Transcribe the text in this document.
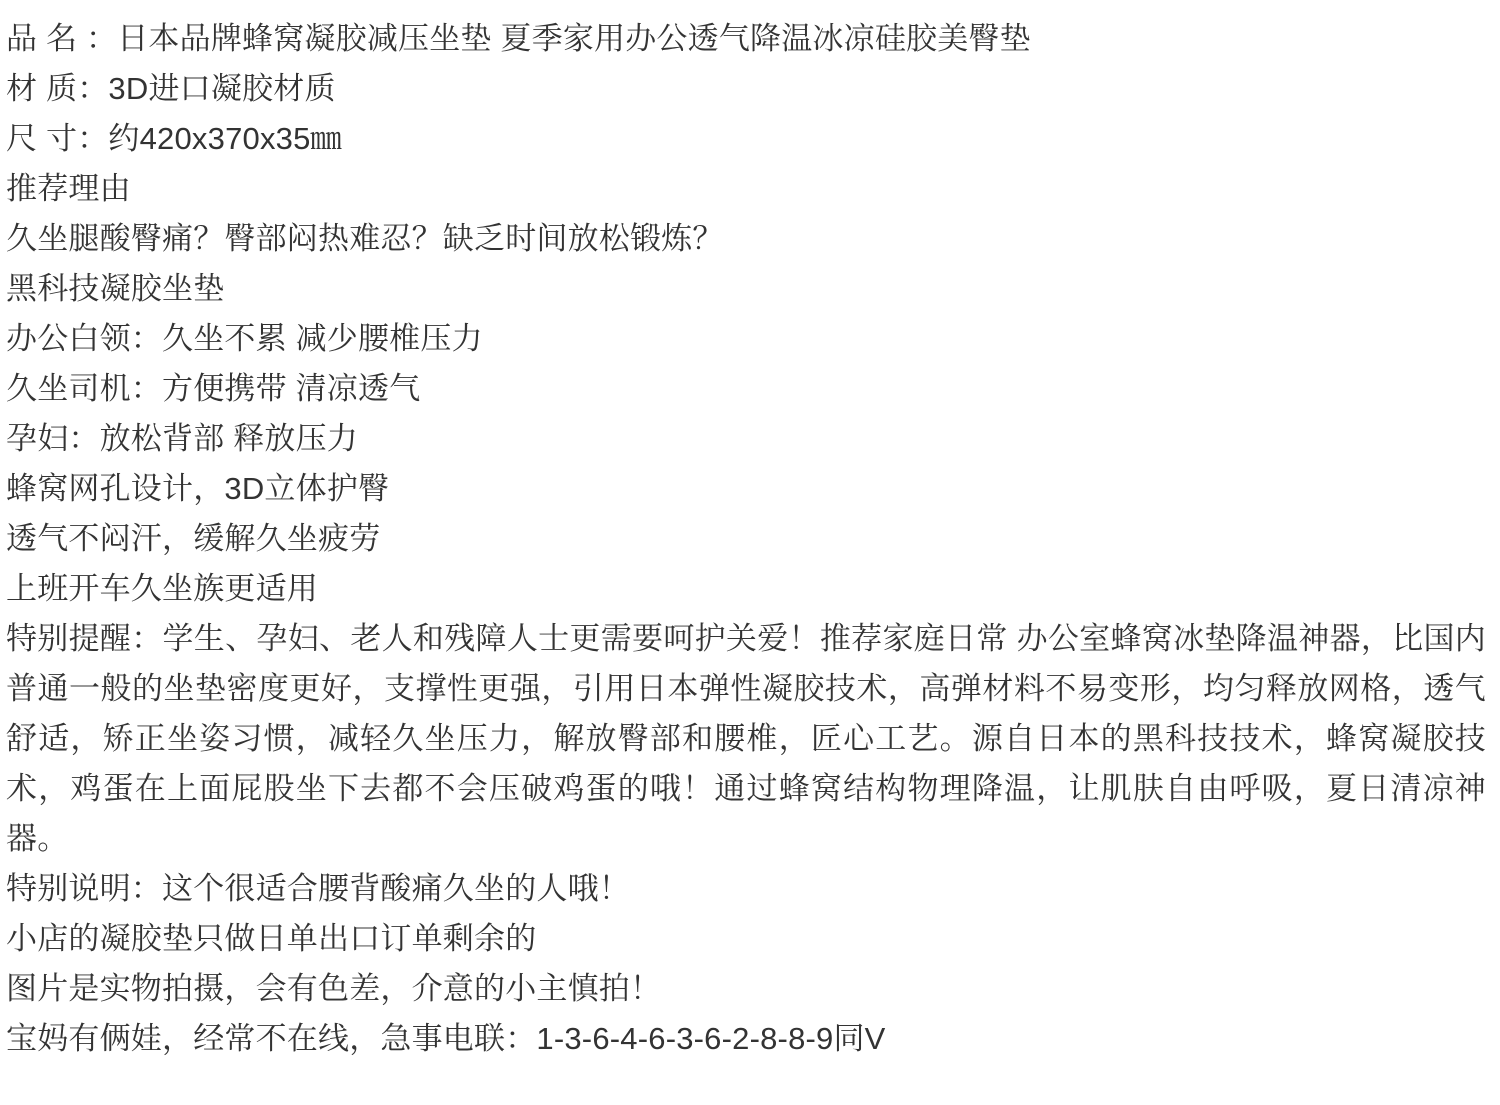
品 名 ：日本品牌蜂窝凝胶减压坐垫 夏季家用办公透气降温冰凉硅胶美臀垫
材 质：3D进口凝胶材质
尺 寸：约420x370x35㎜
推荐理由
久坐腿酸臀痛？臀部闷热难忍？缺乏时间放松锻炼？
黑科技凝胶坐垫
办公白领：久坐不累 减少腰椎压力
久坐司机：方便携带 清凉透气
孕妇：放松背部 释放压力
蜂窝网孔设计，3D立体护臀
透气不闷汗，缓解久坐疲劳
上班开车久坐族更适用
特别提醒：学生、孕妇、老人和残障人士更需要呵护关爱！推荐家庭日常 办公室蜂窝冰垫降温神器，比国内普通一般的坐垫密度更好，支撑性更强，引用日本弹性凝胶技术，高弹材料不易变形，均匀释放网格，透气舒适，矫正坐姿习惯，减轻久坐压力，解放臀部和腰椎，匠心工艺。源自日本的黑科技技术，蜂窝凝胶技术，鸡蛋在上面屁股坐下去都不会压破鸡蛋的哦！通过蜂窝结构物理降温，让肌肤自由呼吸，夏日清凉神器。
特别说明：这个很适合腰背酸痛久坐的人哦！
小店的凝胶垫只做日单出口订单剩余的
图片是实物拍摄，会有色差，介意的小主慎拍！
宝妈有俩娃，经常不在线，急事电联：1-3-6-4-6-3-6-2-8-8-9同V
